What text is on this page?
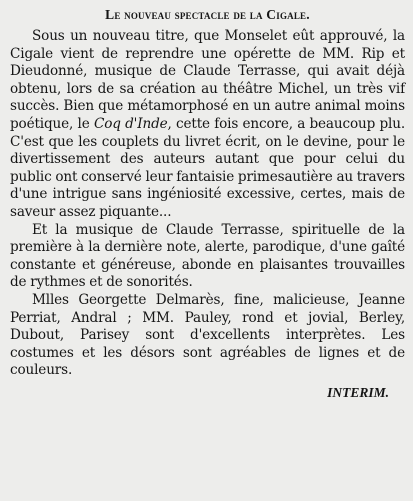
Le nouveau spectacle de la Cigale.

Sous un nouveau titre, que Monselet eût approuvé, la Cigale vient de reprendre une opérette de MM. Rip et Dieudonné, musique de Claude Terrasse, qui avait déjà obtenu, lors de sa création au théâtre Michel, un très vif succès. Bien que métamorphosé en un autre animal moins poétique, le Coq d'Inde, cette fois encore, a beaucoup plu. C'est que les couplets du livret écrit, on le devine, pour le divertissement des auteurs autant que pour celui du public ont conservé leur fantaisie primesautière au travers d'une intrigue sans ingéniosité excessive, certes, mais de saveur assez piquante...

Et la musique de Claude Terrasse, spirituelle de la première à la dernière note, alerte, parodique, d'une gaîté constante et généreuse, abonde en plaisantes trouvailles de rythmes et de sonorités.

Mlles Georgette Delmarès, fine, malicieuse, Jeanne Perriat, Andral ; MM. Pauley, rond et jovial, Berley, Dubout, Parisey sont d'excellents interprètes. Les costumes et les désors sont agréables de lignes et de couleurs.

INTERIM.
